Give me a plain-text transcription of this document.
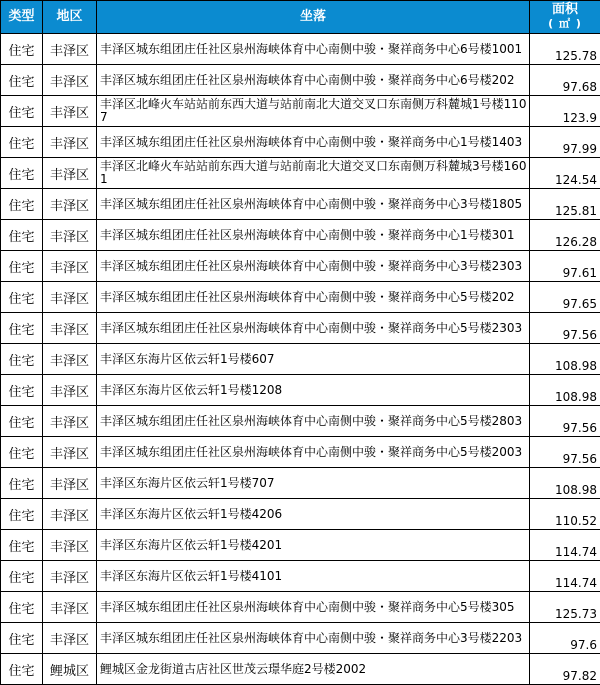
类型	地区	坐落	面积
( ㎡ )

住宅	丰泽区	丰泽区城东组团庄任社区泉州海峡体育中心南侧中骏・聚祥商务中心6号楼1001	125.78
住宅	丰泽区	丰泽区城东组团庄任社区泉州海峡体育中心南侧中骏・聚祥商务中心6号楼202	97.68
住宅	丰泽区	丰泽区北峰火车站站前东西大道与站前南北大道交叉口东南侧万科麓城1号楼1107	123.9
住宅	丰泽区	丰泽区城东组团庄任社区泉州海峡体育中心南侧中骏・聚祥商务中心1号楼1403	97.99
住宅	丰泽区	丰泽区北峰火车站站前东西大道与站前南北大道交叉口东南侧万科麓城3号楼1601	124.54
住宅	丰泽区	丰泽区城东组团庄任社区泉州海峡体育中心南侧中骏・聚祥商务中心3号楼1805	125.81
住宅	丰泽区	丰泽区城东组团庄任社区泉州海峡体育中心南侧中骏・聚祥商务中心1号楼301	126.28
住宅	丰泽区	丰泽区城东组团庄任社区泉州海峡体育中心南侧中骏・聚祥商务中心3号楼2303	97.61
住宅	丰泽区	丰泽区城东组团庄任社区泉州海峡体育中心南侧中骏・聚祥商务中心5号楼202	97.65
住宅	丰泽区	丰泽区城东组团庄任社区泉州海峡体育中心南侧中骏・聚祥商务中心5号楼2303	97.56
住宅	丰泽区	丰泽区东海片区依云轩1号楼607	108.98
住宅	丰泽区	丰泽区东海片区依云轩1号楼1208	108.98
住宅	丰泽区	丰泽区城东组团庄任社区泉州海峡体育中心南侧中骏・聚祥商务中心5号楼2803	97.56
住宅	丰泽区	丰泽区城东组团庄任社区泉州海峡体育中心南侧中骏・聚祥商务中心5号楼2003	97.56
住宅	丰泽区	丰泽区东海片区依云轩1号楼707	108.98
住宅	丰泽区	丰泽区东海片区依云轩1号楼4206	110.52
住宅	丰泽区	丰泽区东海片区依云轩1号楼4201	114.74
住宅	丰泽区	丰泽区东海片区依云轩1号楼4101	114.74
住宅	丰泽区	丰泽区城东组团庄任社区泉州海峡体育中心南侧中骏・聚祥商务中心5号楼305	125.73
住宅	丰泽区	丰泽区城东组团庄任社区泉州海峡体育中心南侧中骏・聚祥商务中心3号楼2203	97.6
住宅	鲤城区	鲤城区金龙街道古店社区世茂云璟华庭2号楼2002	97.82
